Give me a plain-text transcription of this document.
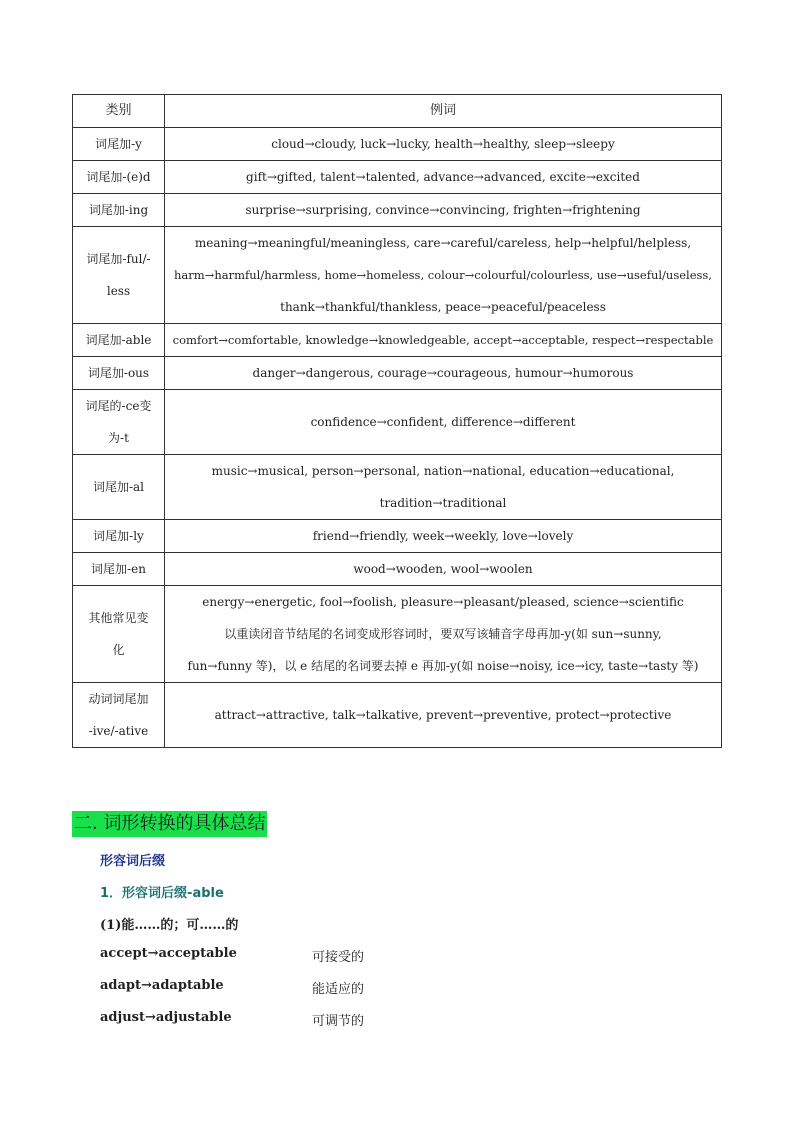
类别	例词

词尾加-y	cloud→cloudy, luck→lucky, health→healthy, sleep→sleepy

词尾加-(e)d	gift→gifted, talent→talented, advance→advanced, excite→excited

词尾加-ing	surprise→surprising, convince→convincing, frighten→frightening

词尾加-ful/-
less	meaning→meaningful/meaningless, care→careful/careless, help→helpful/helpless,
harm→harmful/harmless, home→homeless, colour→colourful/colourless, use→useful/useless,
thank→thankful/thankless, peace→peaceful/peaceless

词尾加-able	comfort→comfortable, knowledge→knowledgeable, accept→acceptable, respect→respectable

词尾加-ous	danger→dangerous, courage→courageous, humour→humorous

词尾的-ce变
为-t	confidence→confident, difference→different

词尾加-al	music→musical, person→personal, nation→national, education→educational,
tradition→traditional

词尾加-ly	friend→friendly, week→weekly, love→lovely

词尾加-en	wood→wooden, wool→woolen

其他常见变
化	energy→energetic, fool→foolish, pleasure→pleasant/pleased, science→scientific
以重读闭音节结尾的名词变成形容词时，要双写该辅音字母再加-y(如 sun→sunny,
fun→funny 等)，以 e 结尾的名词要去掉 e 再加-y(如 noise→noisy, ice→icy, taste→tasty 等)

动词词尾加
-ive/-ative	attract→attractive, talk→talkative, prevent→preventive, protect→protective
二. 词形转换的具体总结
形容词后缀
1．形容词后缀-able
(1)能……的；可……的
accept→acceptable	可接受的
adapt→adaptable	能适应的
adjust→adjustable	可调节的
